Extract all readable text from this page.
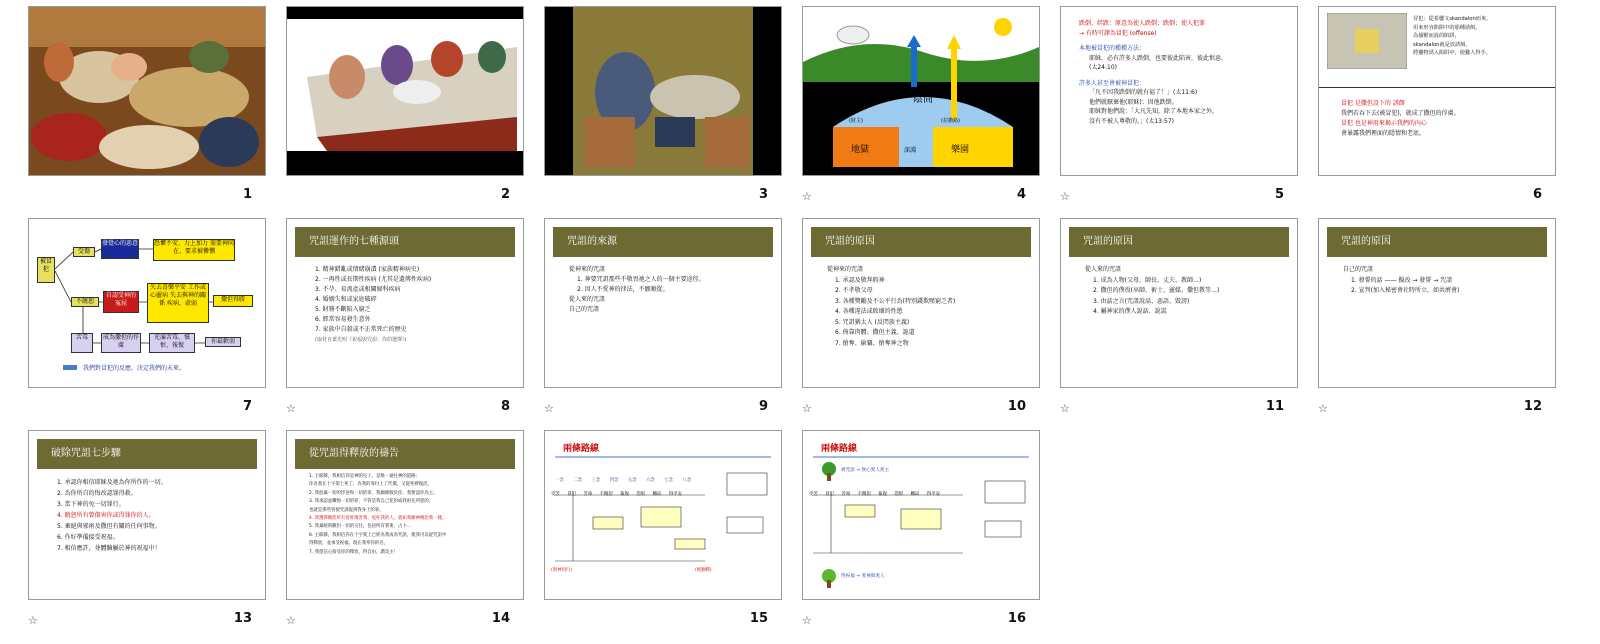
1	2	3
陰間
地獄	樂園
深淵
(財主)	(拉撒路)
☆	4
跌倒、絆跌：原意為使人跌倒；跌倒；使人犯罪
→ 有時可譯為冒犯 (offense)
本地被冒犯的種種方法：
耶穌，必有許多人跌倒，也要彼此陷害，彼此恨惡。
(太24:10)
許多人甚至會被神冒犯：
「凡不因我跌倒的就有福了！」(太11:6)
他們就厭棄他(耶穌)；因他跌倒。
耶穌對他們說：「大凡先知，除了本地本家之外，
沒有不被人尊敬的。」(太13:57)
☆	5
冒犯：從希臘文skandalon而來，
用來形容陷阱中的那種誘餌。
為捕獸而設的陷阱，
skandalon就是放誘餌，
將獵物誘入陷阱中，使獵人得手。
冒犯 是撒但設下的 誘餌
我們若吞下去(被冒犯)，就成了撒但的俘虜。
冒犯 也是神用來揭示我們的內心
會暴露我們裡面的隱情和老底。
6
被冒犯
受傷
發覺心的惡意	恐懼不安、力上加力 需要神同在、要求被憐憫
不饒恕
自認受神的冤屈
失去喜樂平安 工作或心靈病 失去與神的關係 疾病、虛弱
撒但得勝
苦毒	成為撒但的俘虜
充滿苦毒、憤恨、報復
你最軟弱
我們對冒犯的反應，決定我們的未來。
7
咒詛運作的七種源頭
1. 精神錯亂或情緒崩潰 (家族精神病史)
2. 一再性或長期性疾病 (尤其是遺傳性疾病)
3. 不孕、易流產或相關婦科疾病
4. 婚姻失和或家庭破碎
5. 財務不斷陷入窮乏
6. 經常容易發生意外
7. 家族中自殺或不正常死亡的歷史
(取材自葉光明《祝福與咒詛：你的選擇》)
☆	8
咒詛的來源
從神來的咒詛
1. 神要咒詛那些不敬畏祂之人的一個主要途徑。
2. 因人不愛神的律法，不願順從。
從人來的咒詛
自己的咒詛
☆	9
咒詛的原因
從神來的咒詛
1. 承認及敬拜假神
2. 不孝敬父母
3. 各種獎勵及不公平行為(特別錢欺壓窮乏者)
4. 各種違法或敗壞的性慾
5. 咒詛猶太人 (反閃族主義)
6. 倚靠肉體、撒但主義、詭道
7. 搶奪、偷竊、搶奪神之物
☆	10
咒詛的原因
從人來的咒詛
1. 成為人物(父母、師長、丈夫、教師…)
2. 撒但的僕役(巫師、術士、靈媒、撒但教等…)
3. 由話之言(咒詛說話、惡語、毀謗)
4. 屬神家的僕人說話、說謊
☆	11
咒詛的原因
自己的咒詛
1. 發誓的話 —— 擬改 → 發誓 → 咒詛
2. 宣判(加入秘密會社時所立，如共濟會)
☆	12
破除咒詛七步驟
1. 承認你相信耶穌及祂為你所作的一切。
2. 為你所自的悔改認罪得救。
3. 當下神的免一切罪行。
4. 饒恕所有曾傷害你或得罪你的人。
5. 棄絕與邪術及撒但有關的任何事物。
6. 作好準備接受祝福。
7. 相信應許，並體驗屬於神的祝福中！
☆	13
從咒詛得釋放的禱告
1. 主耶穌，我相信你是神的兒子，是唯一通往神的道路；
你為我在十字架上死了，為我的罪付上了代價，又從死裡復活。
2. 我放棄一切的悖逆和一切的罪，我願降服於你，我要認你為主。
3. 我承認並懺悔一切的罪，不管是我自己犯的或我祖先所犯的，
也就是那些曾使咒詛臨到我身上的罪。
4. 我選擇饒恕所有曾經傷害我、冤枉我的人，就如我願神饒恕我一樣。
5. 我棄絕與撒但一切的交往，包括所有邪術、占卜…
6. 主耶穌，我相信你在十字架上已經為我成為咒詛，使我可以從咒詛中
得釋放，並承受祝福。現在我奉你的名，
7. 我憑信心接受你的釋放，得自由，讚美主！
☆	14
兩條路線
一念 二念 三念 四念 五念 六念 七念 八念
受苦 冒犯 苦毒 不饒恕 報復 怨恨 轉向 得平安
(與神同行)	(被捆綁)
15
兩條路線
被咒詛 → 無心愛人愛主
受苦 冒犯 苦毒 不饒恕 報復 怨恨 轉向 得平安
得祝福 → 愛神與愛人
☆	16
